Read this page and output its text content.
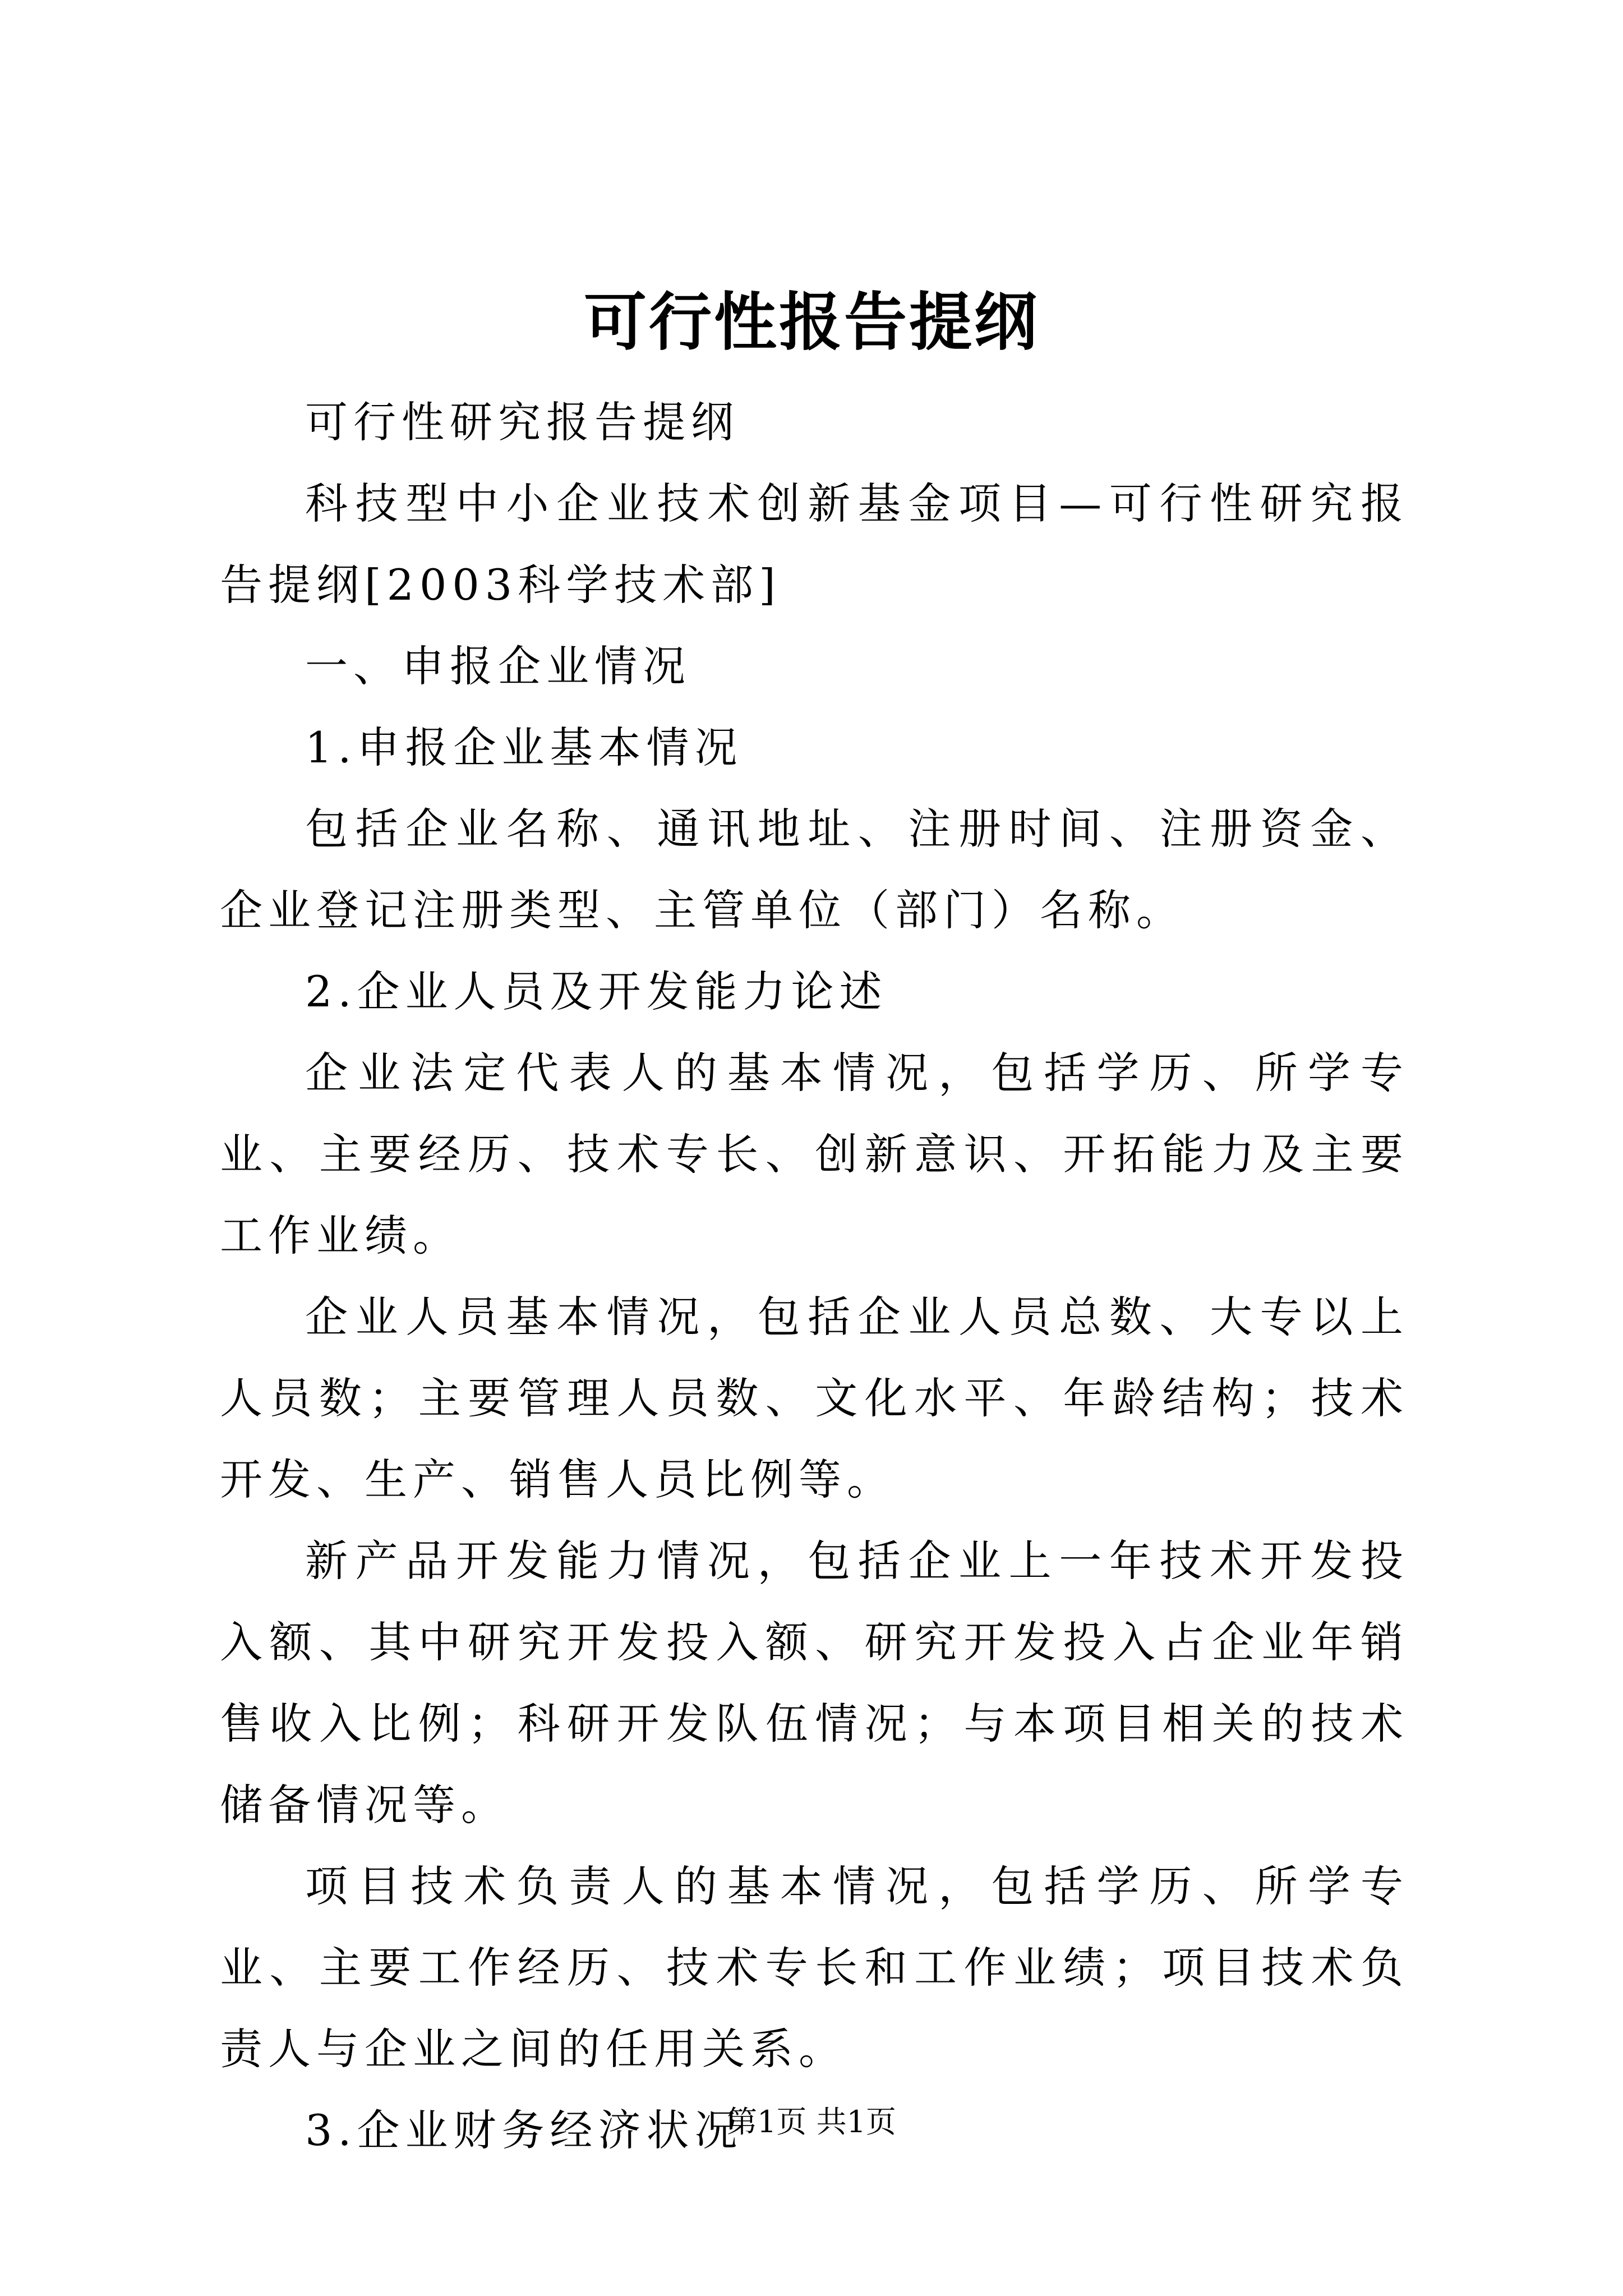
可行性报告提纲

可行性研究报告提纲

科技型中小企业技术创新基金项目—可行性研究报告提纲[2003科学技术部]

一、申报企业情况

1.申报企业基本情况

包括企业名称、通讯地址、注册时间、注册资金、企业登记注册类型、主管单位（部门）名称。

2.企业人员及开发能力论述

企业法定代表人的基本情况，包括学历、所学专业、主要经历、技术专长、创新意识、开拓能力及主要工作业绩。

企业人员基本情况，包括企业人员总数、大专以上人员数；主要管理人员数、文化水平、年龄结构；技术开发、生产、销售人员比例等。

新产品开发能力情况，包括企业上一年技术开发投入额、其中研究开发投入额、研究开发投入占企业年销售收入比例；科研开发队伍情况；与本项目相关的技术储备情况等。

项目技术负责人的基本情况，包括学历、所学专业、主要工作经历、技术专长和工作业绩；项目技术负责人与企业之间的任用关系。

3.企业财务经济状况

第1页 共1页
